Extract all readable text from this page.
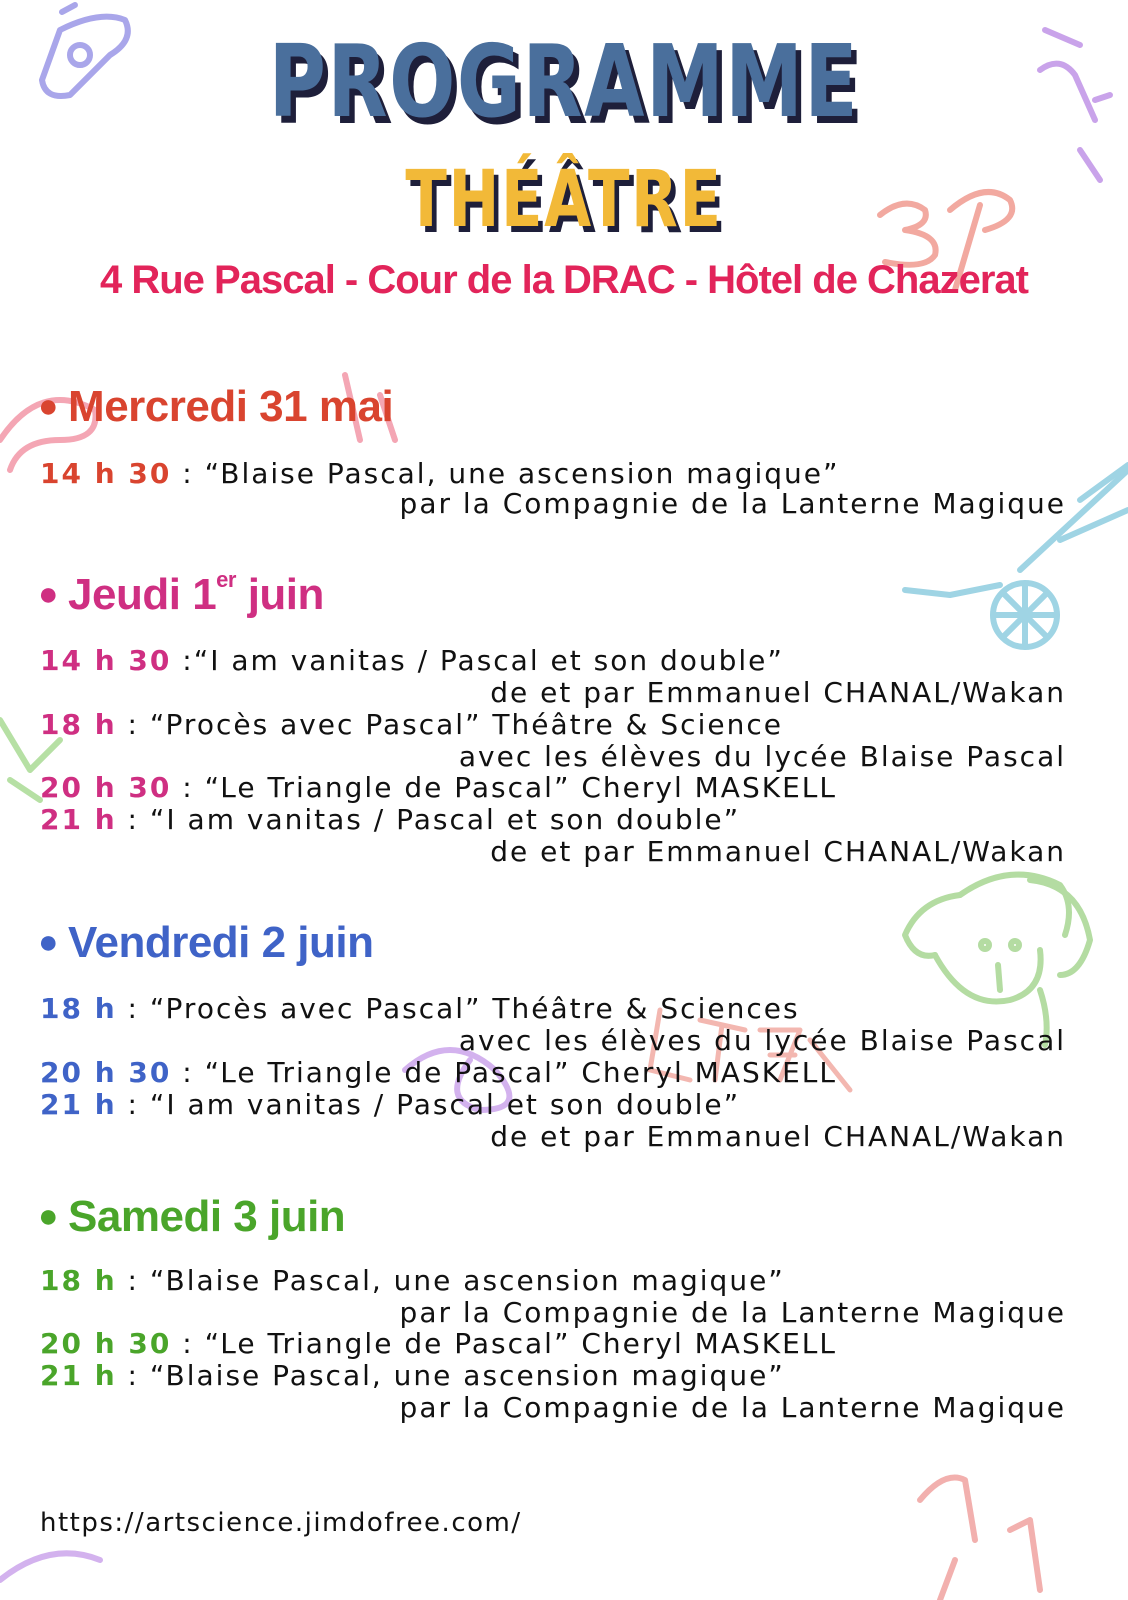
PROGRAMME
THÉÂTRE
4 Rue Pascal - Cour de la DRAC - Hôtel de Chazerat
● Mercredi 31 mai
14 h 30 : “Blaise Pascal, une ascension magique”
par la Compagnie de la Lanterne Magique
● Jeudi 1er juin
14 h 30 :“I am vanitas / Pascal et son double”
de et par Emmanuel CHANAL/Wakan
18 h : “Procès avec Pascal” Théâtre & Science
avec les élèves du lycée Blaise Pascal
20 h 30 : “Le Triangle de Pascal” Cheryl MASKELL
21 h : “I am vanitas / Pascal et son double”
de et par Emmanuel CHANAL/Wakan
● Vendredi 2 juin
18 h : “Procès avec Pascal” Théâtre & Sciences
avec les élèves du lycée Blaise Pascal
20 h 30 : “Le Triangle de Pascal” Cheryl MASKELL
21 h : “I am vanitas / Pascal et son double”
de et par Emmanuel CHANAL/Wakan
● Samedi 3 juin
18 h : “Blaise Pascal, une ascension magique”
par la Compagnie de la Lanterne Magique
20 h 30 : “Le Triangle de Pascal” Cheryl MASKELL
21 h : “Blaise Pascal, une ascension magique”
par la Compagnie de la Lanterne Magique
https://artscience.jimdofree.com/
